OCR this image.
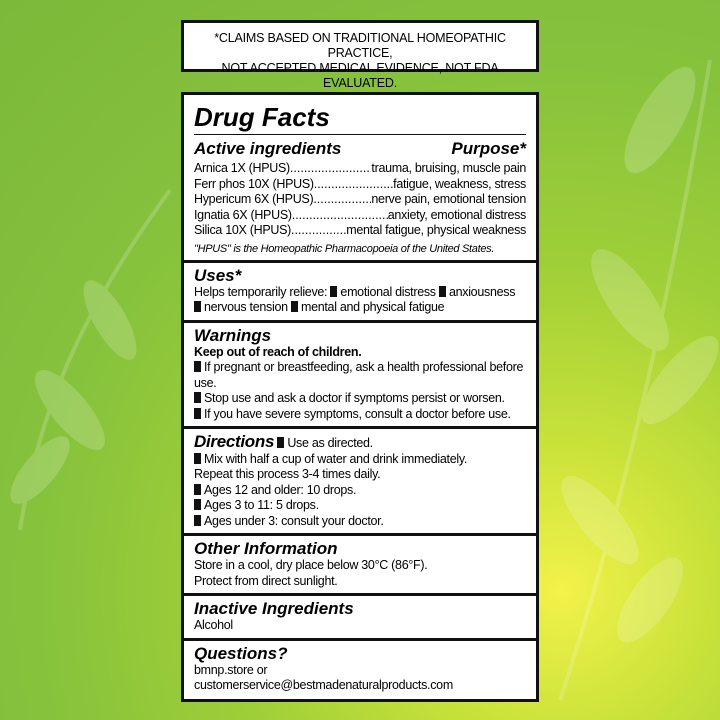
*CLAIMS BASED ON TRADITIONAL HOMEOPATHIC PRACTICE,
NOT ACCEPTED MEDICAL EVIDENCE, NOT FDA EVALUATED.
Drug Facts
Active ingredients	Purpose*
Arnica 1X (HPUS) .....	trauma, bruising, muscle pain
Ferr phos 10X (HPUS) .....	fatigue, weakness, stress
Hypericum 6X (HPUS) .....	nerve pain, emotional tension
Ignatia 6X (HPUS) .....	anxiety, emotional distress
Silica 10X (HPUS) .....	mental fatigue, physical weakness
"HPUS" is the Homeopathic Pharmacopoeia of the United States.
Uses*
Helps temporarily relieve: emotional distress anxiousness
nervous tension mental and physical fatigue
Warnings
Keep out of reach of children.
If pregnant or breastfeeding, ask a health professional before use.
Stop use and ask a doctor if symptoms persist or worsen.
If you have severe symptoms, consult a doctor before use.
Directions Use as directed.
Mix with half a cup of water and drink immediately.
Repeat this process 3-4 times daily.
Ages 12 and older: 10 drops.
Ages 3 to 11: 5 drops.
Ages under 3: consult your doctor.
Other Information
Store in a cool, dry place below 30°C (86°F).
Protect from direct sunlight.
Inactive Ingredients
Alcohol
Questions?
bmnp.store or
customerservice@bestmadenaturalproducts.com
